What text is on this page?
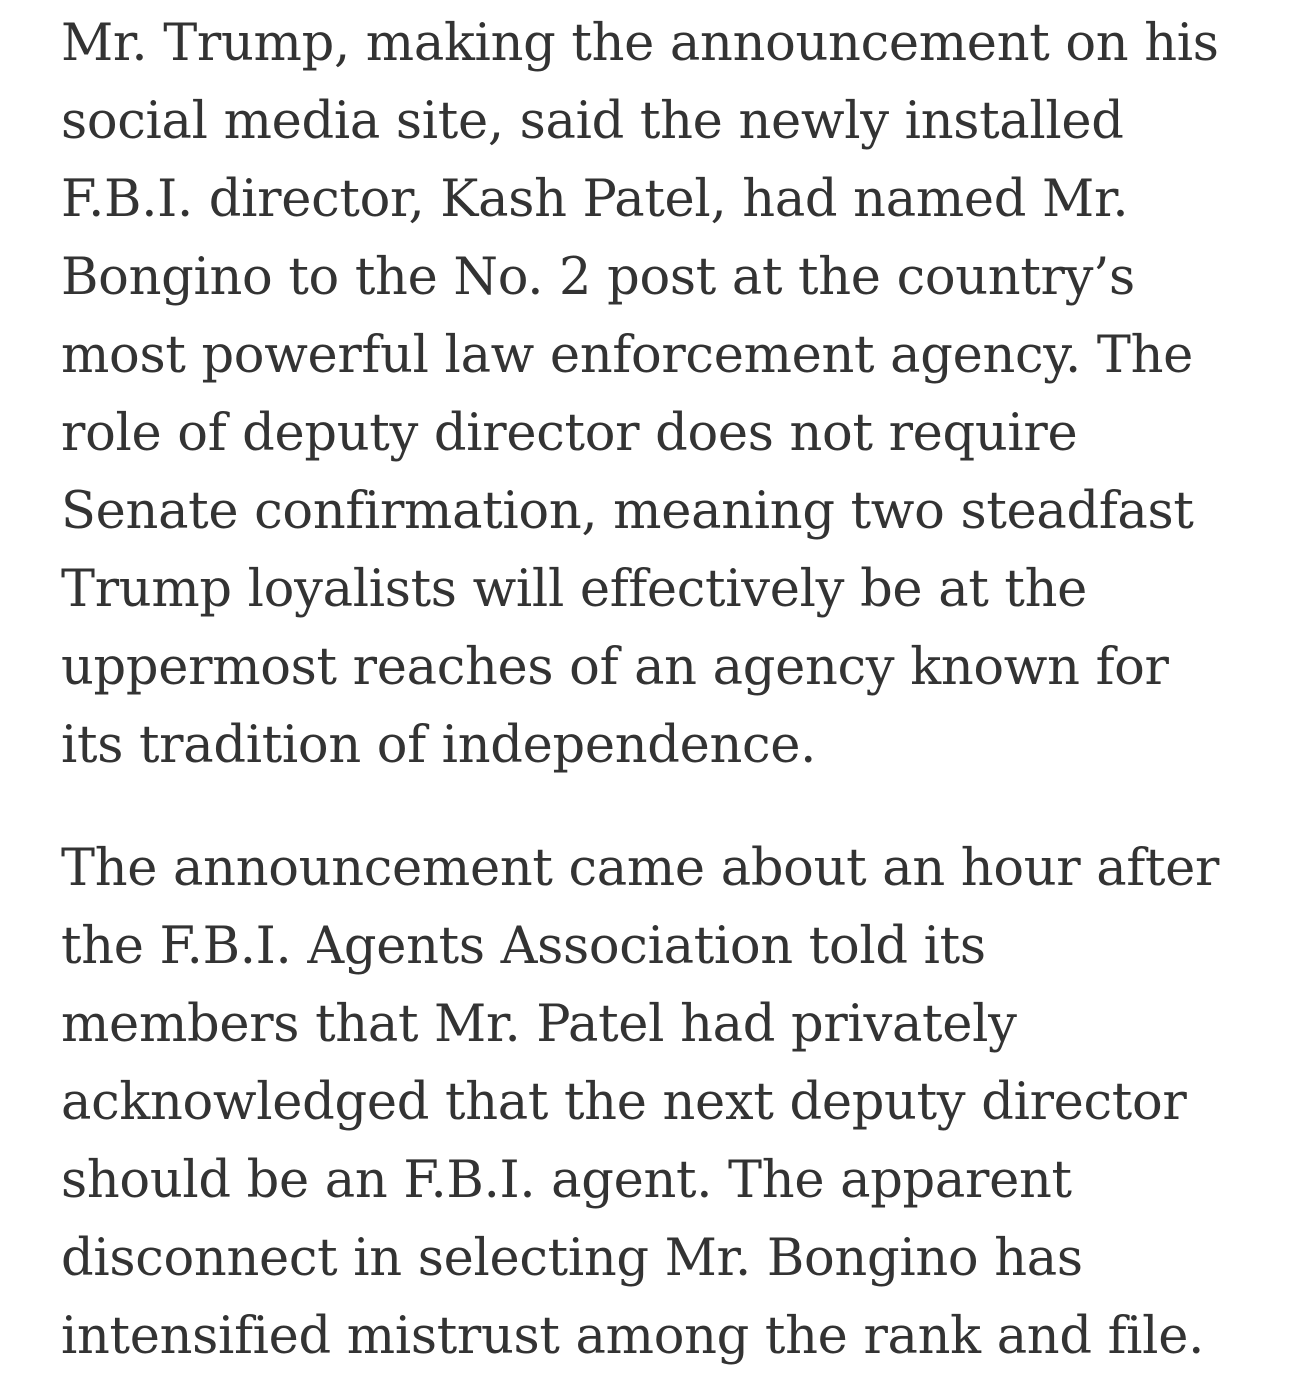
Mr. Trump, making the announcement on his
social media site, said the newly installed
F.B.I. director, Kash Patel, had named Mr.
Bongino to the No. 2 post at the country’s
most powerful law enforcement agency. The
role of deputy director does not require
Senate confirmation, meaning two steadfast
Trump loyalists will effectively be at the
uppermost reaches of an agency known for
its tradition of independence.

The announcement came about an hour after
the F.B.I. Agents Association told its
members that Mr. Patel had privately
acknowledged that the next deputy director
should be an F.B.I. agent. The apparent
disconnect in selecting Mr. Bongino has
intensified mistrust among the rank and file.
